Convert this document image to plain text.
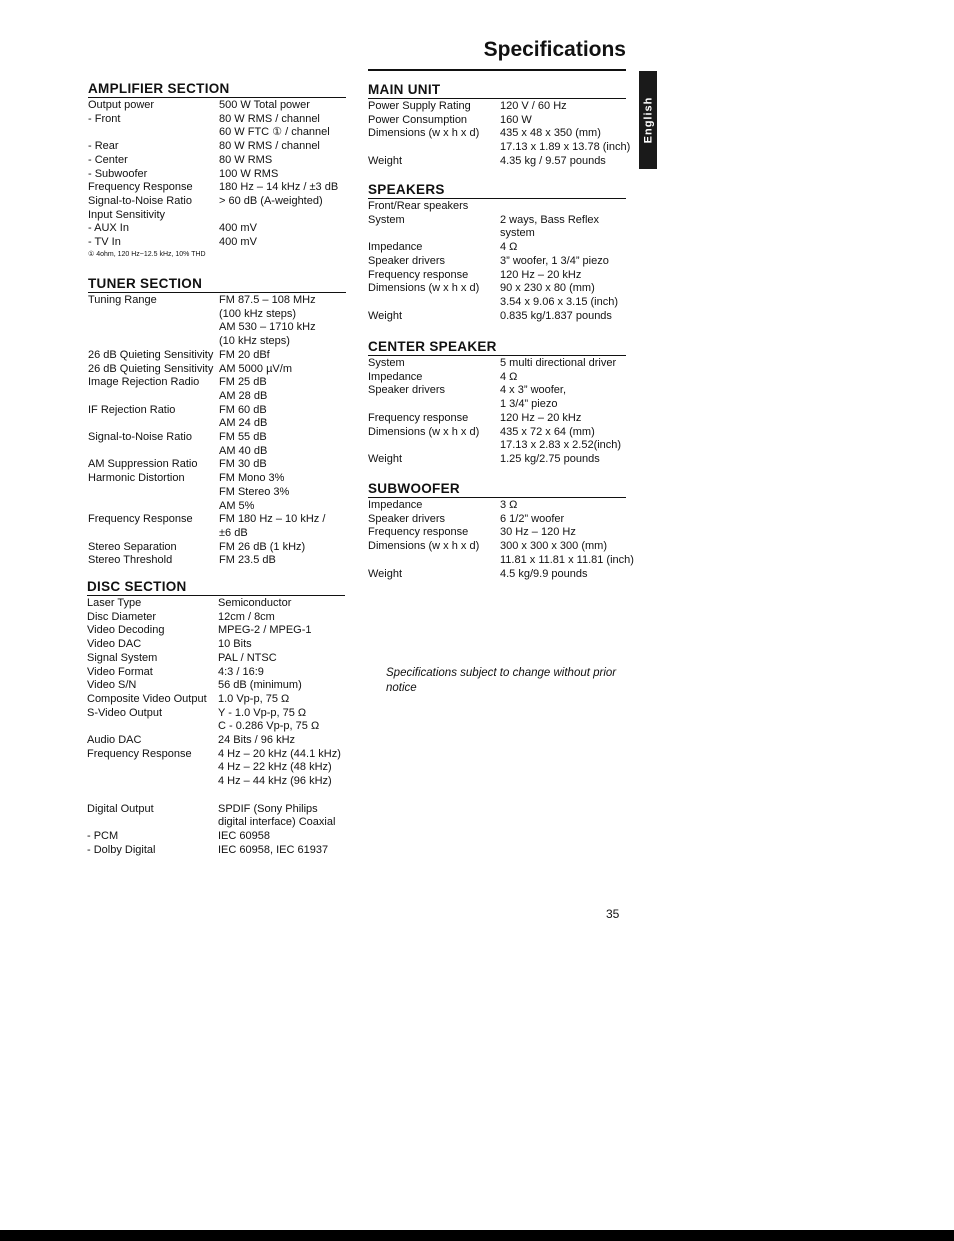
Specifications
English
AMPLIFIER SECTION
Output power	500 W Total power
- Front	80 W RMS / channel
60 W FTC ① / channel
- Rear	80 W RMS / channel
- Center	80 W RMS
- Subwoofer	100 W RMS
Frequency Response	180 Hz – 14 kHz / ±3 dB
Signal-to-Noise Ratio	> 60 dB (A-weighted)
Input Sensitivity

- AUX In	400 mV
- TV In	400 mV
① 4ohm, 120 Hz~12.5 kHz, 10% THD
TUNER SECTION
Tuning Range	FM 87.5 – 108 MHz
(100 kHz steps)
AM 530 – 1710 kHz
(10 kHz steps)
26 dB Quieting Sensitivity FM 20 dBf
26 dB Quieting Sensitivity AM 5000 µV/m
Image Rejection Radio	FM 25 dB
AM 28 dB
IF Rejection Ratio	FM 60 dB
AM 24 dB
Signal-to-Noise Ratio	FM 55 dB
AM 40 dB
AM Suppression Ratio	FM 30 dB
Harmonic Distortion	FM Mono 3%
FM Stereo 3%
AM 5%
Frequency Response	FM 180 Hz – 10 kHz /
±6 dB
Stereo Separation	FM 26 dB (1 kHz)
Stereo Threshold	FM 23.5 dB
DISC SECTION
Laser Type	Semiconductor
Disc Diameter	12cm / 8cm
Video Decoding	MPEG-2 / MPEG-1
Video DAC	10 Bits
Signal System	PAL / NTSC
Video Format	4:3 / 16:9
Video S/N	56 dB (minimum)
Composite Video Output	1.0 Vp-p, 75 Ω
S-Video Output	Y - 1.0 Vp-p, 75 Ω
C - 0.286 Vp-p, 75 Ω
Audio DAC	24 Bits / 96 kHz
Frequency Response	4 Hz – 20 kHz (44.1 kHz)
4 Hz – 22 kHz (48 kHz)
4 Hz – 44 kHz (96 kHz)

Digital Output	SPDIF (Sony Philips
digital interface) Coaxial
- PCM	IEC 60958
- Dolby Digital	IEC 60958, IEC 61937
MAIN UNIT
Power Supply Rating	120 V / 60 Hz
Power Consumption	160 W
Dimensions (w x h x d)	435 x 48 x 350 (mm)
17.13 x 1.89 x 13.78 (inch)
Weight	4.35 kg / 9.57 pounds
SPEAKERS
Front/Rear speakers

System	2 ways, Bass Reflex
system
Impedance	4 Ω
Speaker drivers	3” woofer, 1 3/4” piezo
Frequency response	120 Hz – 20 kHz
Dimensions (w x h x d)	90 x 230 x 80 (mm)
3.54 x 9.06 x 3.15 (inch)
Weight	0.835 kg/1.837 pounds
CENTER SPEAKER
System	5 multi directional driver
Impedance	4 Ω
Speaker drivers	4 x 3” woofer,
1 3/4” piezo
Frequency response	120 Hz – 20 kHz
Dimensions (w x h x d)	435 x 72 x 64 (mm)
17.13 x 2.83 x 2.52(inch)
Weight	1.25 kg/2.75 pounds
SUBWOOFER
Impedance	3 Ω
Speaker drivers	6 1/2” woofer
Frequency response	30 Hz – 120 Hz
Dimensions (w x h x d)	300 x 300 x 300 (mm)
11.81 x 11.81 x 11.81 (inch)
Weight	4.5 kg/9.9 pounds
Specifications subject to change without prior notice
35
